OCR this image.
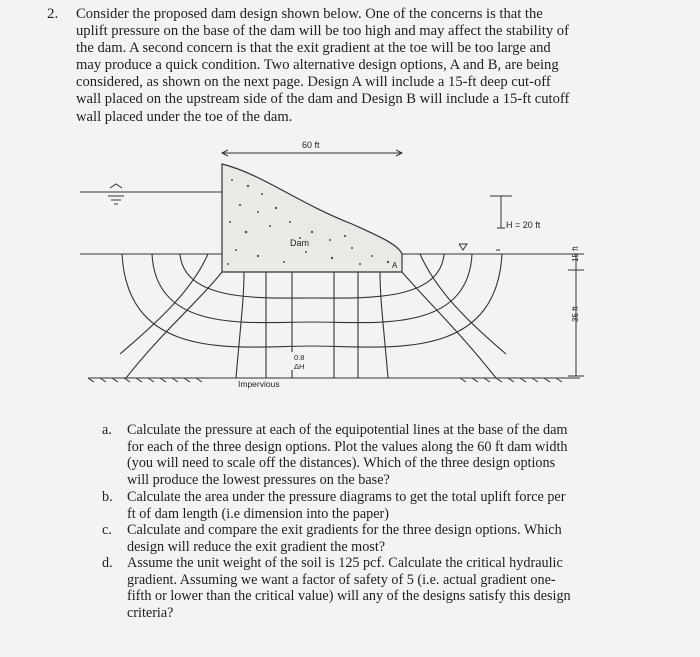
2. Consider the proposed dam design shown below. One of the concerns is that the
uplift pressure on the base of the dam will be too high and may affect the stability of
the dam. A second concern is that the exit gradient at the toe will be too large and
may produce a quick condition. Two alternative design options, A and B, are being
considered, as shown on the next page. Design A will include a 15-ft deep cut-off
wall placed on the upstream side of the dam and Design B will include a 15-ft cutoff
wall placed under the toe of the dam.
60 ft
H = 20 ft
Dam
A
Impervious
0.8
ΔH
15 ft
35 ft
a. Calculate the pressure at each of the equipotential lines at the base of the dam
for each of the three design options. Plot the values along the 60 ft dam width
(you will need to scale off the distances). Which of the three design options
will produce the lowest pressures on the base?
b. Calculate the area under the pressure diagrams to get the total uplift force per
ft of dam length (i.e dimension into the paper)
c. Calculate and compare the exit gradients for the three design options. Which
design will reduce the exit gradient the most?
d. Assume the unit weight of the soil is 125 pcf. Calculate the critical hydraulic
gradient. Assuming we want a factor of safety of 5 (i.e. actual gradient one-
fifth or lower than the critical value) will any of the designs satisfy this design
criteria?
